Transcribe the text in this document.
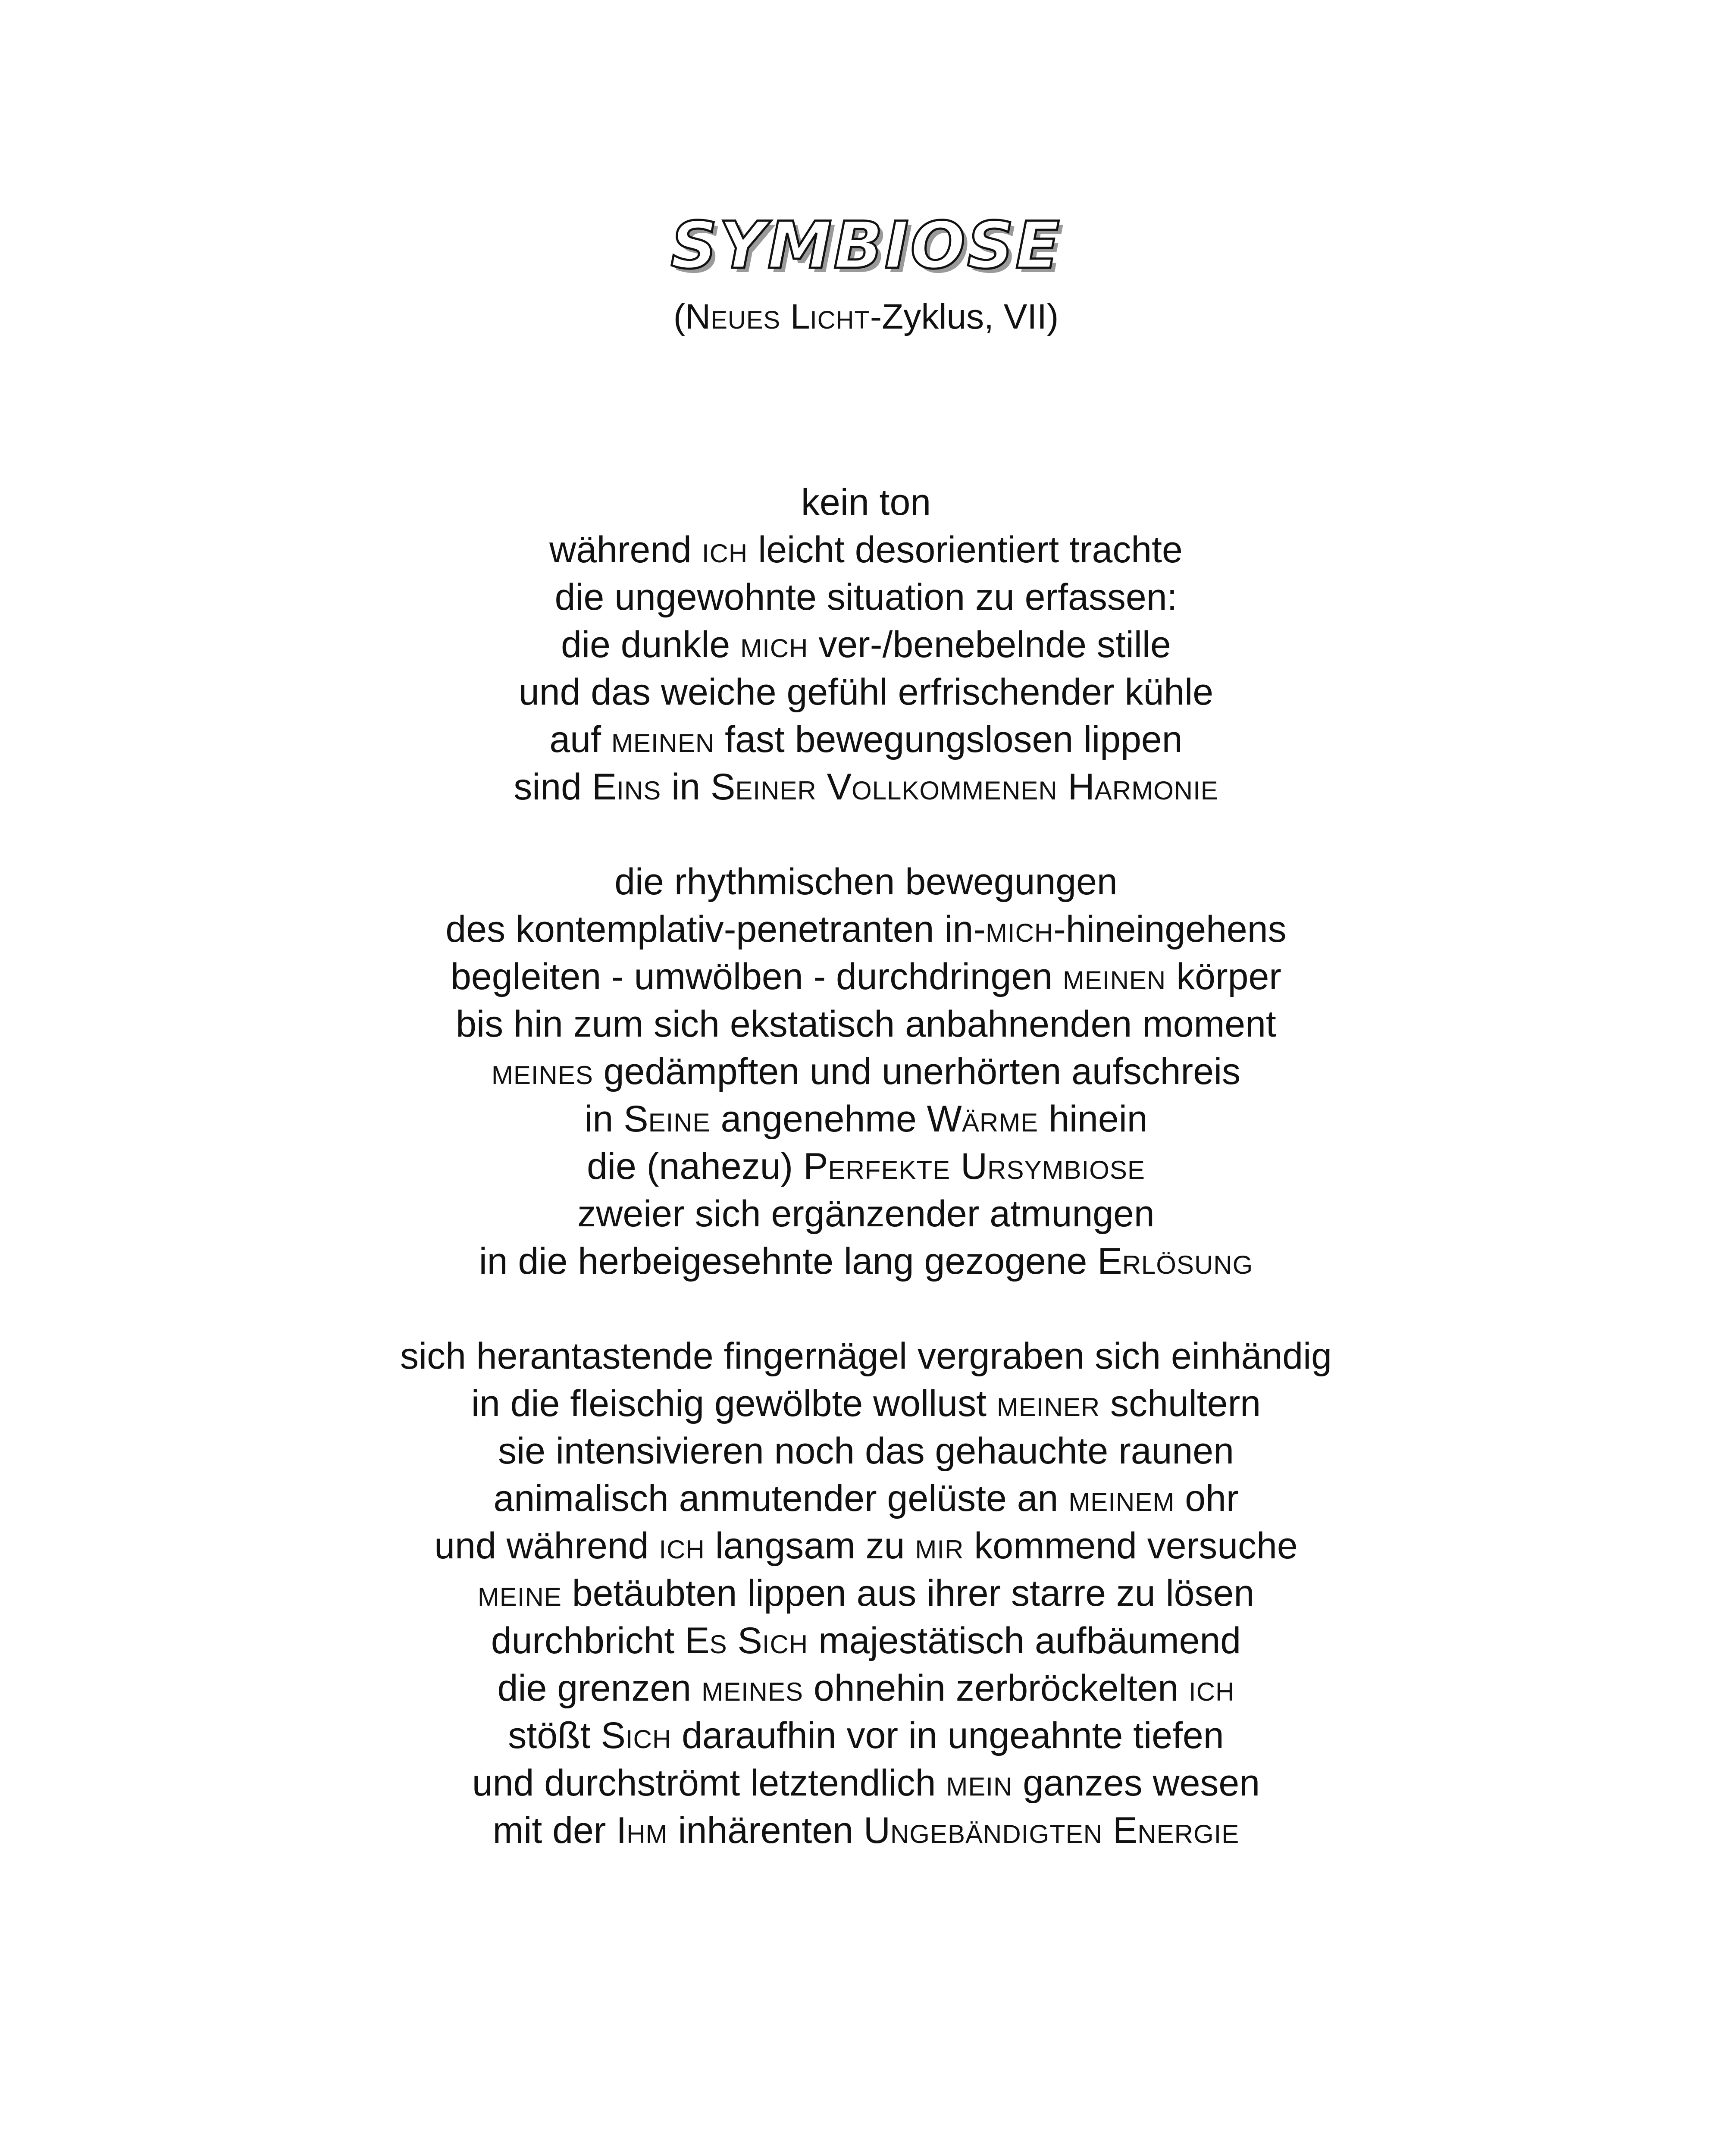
SYMBIOSE
(NEUES LICHT-Zyklus, VII)
kein ton
während ICH leicht desorientiert trachte
die ungewohnte situation zu erfassen:
die dunkle MICH ver-/benebelnde stille
und das weiche gefühl erfrischender kühle
auf MEINEN fast bewegungslosen lippen
sind EINS in SEINER VOLLKOMMENEN HARMONIE
die rhythmischen bewegungen
des kontemplativ-penetranten in-MICH-hineingehens
begleiten - umwölben - durchdringen MEINEN körper
bis hin zum sich ekstatisch anbahnenden moment
MEINES gedämpften und unerhörten aufschreis
in SEINE angenehme WÄRME hinein
die (nahezu) PERFEKTE URSYMBIOSE
zweier sich ergänzender atmungen
in die herbeigesehnte lang gezogene ERLÖSUNG
sich herantastende fingernägel vergraben sich einhändig
in die fleischig gewölbte wollust MEINER schultern
sie intensivieren noch das gehauchte raunen
animalisch anmutender gelüste an MEINEM ohr
und während ICH langsam zu MIR kommend versuche
MEINE betäubten lippen aus ihrer starre zu lösen
durchbricht ES SICH majestätisch aufbäumend
die grenzen MEINES ohnehin zerbröckelten ICH
stößt SICH daraufhin vor in ungeahnte tiefen
und durchströmt letztendlich MEIN ganzes wesen
mit der IHM inhärenten UNGEBÄNDIGTEN ENERGIE
